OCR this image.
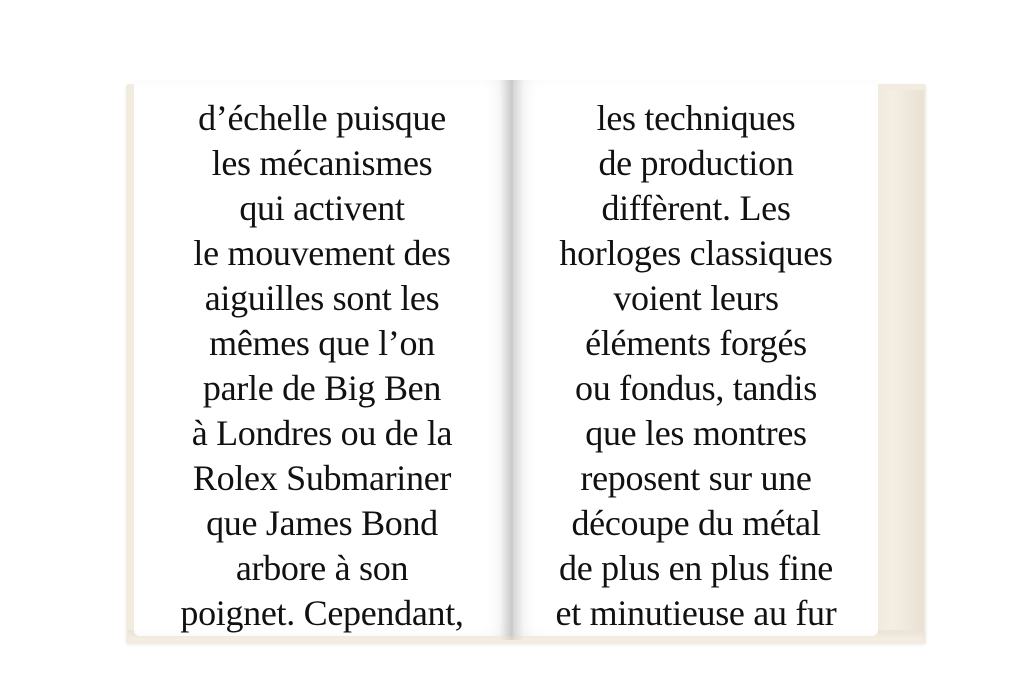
d’échelle puisque
les mécanismes
qui activent
le mouvement des
aiguilles sont les
mêmes que l’on
parle de Big Ben
à Londres ou de la
Rolex Submariner
que James Bond
arbore à son
poignet. Cependant,
les techniques
de production
diffèrent. Les
horloges classiques
voient leurs
éléments forgés
ou fondus, tandis
que les montres
reposent sur une
découpe du métal
de plus en plus fine
et minutieuse au fur
